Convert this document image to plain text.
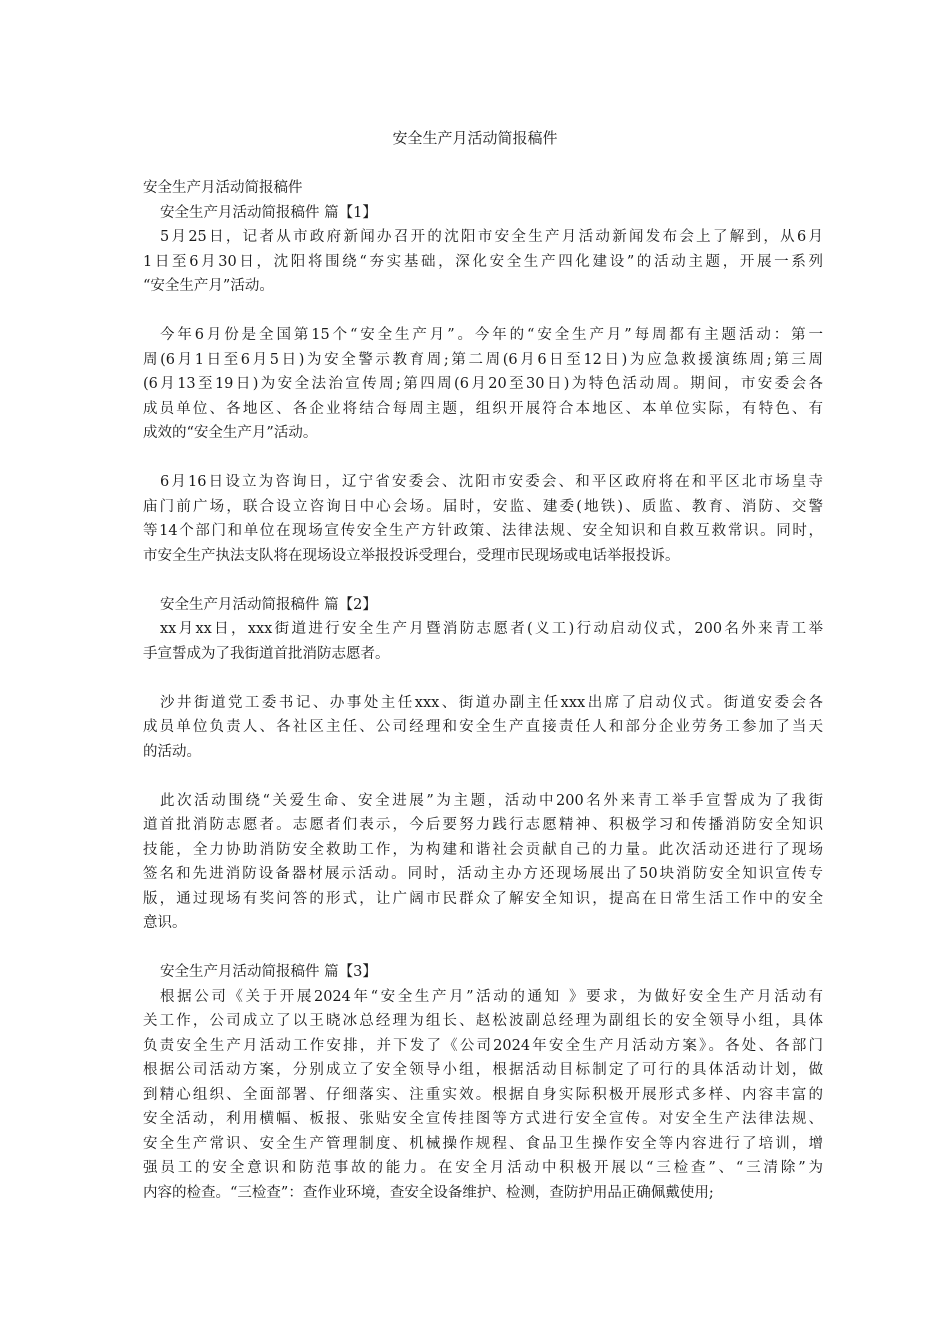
安全生产月活动简报稿件

安全生产月活动简报稿件

安全生产月活动简报稿件 篇【1】

5月25日，记者从市政府新闻办召开的沈阳市安全生产月活动新闻发布会上了解到，从6月

1日至6月30日，沈阳将围绕“夯实基础，深化安全生产四化建设”的活动主题，开展一系列

“安全生产月”活动。

今年6月份是全国第15个“安全生产月”。今年的“安全生产月”每周都有主题活动：第一

周(6月1日至6月5日)为安全警示教育周;第二周(6月6日至12日)为应急救援演练周;第三周

(6月13至19日)为安全法治宣传周;第四周(6月20至30日)为特色活动周。期间，市安委会各

成员单位、各地区、各企业将结合每周主题，组织开展符合本地区、本单位实际，有特色、有

成效的“安全生产月”活动。

6月16日设立为咨询日，辽宁省安委会、沈阳市安委会、和平区政府将在和平区北市场皇寺

庙门前广场，联合设立咨询日中心会场。届时，安监、建委(地铁)、质监、教育、消防、交警

等14个部门和单位在现场宣传安全生产方针政策、法律法规、安全知识和自救互救常识。同时，

市安全生产执法支队将在现场设立举报投诉受理台，受理市民现场或电话举报投诉。

安全生产月活动简报稿件 篇【2】

xx月xx日，xxx街道进行安全生产月暨消防志愿者(义工)行动启动仪式，200名外来青工举

手宣誓成为了我街道首批消防志愿者。

沙井街道党工委书记、办事处主任xxx、街道办副主任xxx出席了启动仪式。街道安委会各

成员单位负责人、各社区主任、公司经理和安全生产直接责任人和部分企业劳务工参加了当天

的活动。

此次活动围绕“关爱生命、安全进展”为主题，活动中200名外来青工举手宣誓成为了我街

道首批消防志愿者。志愿者们表示，今后要努力践行志愿精神、积极学习和传播消防安全知识

技能，全力协助消防安全救助工作，为构建和谐社会贡献自己的力量。此次活动还进行了现场

签名和先进消防设备器材展示活动。同时，活动主办方还现场展出了50块消防安全知识宣传专

版，通过现场有奖问答的形式，让广阔市民群众了解安全知识，提高在日常生活工作中的安全

意识。

安全生产月活动简报稿件 篇【3】

根据公司《关于开展2024年“安全生产月”活动的通知 》要求，为做好安全生产月活动有

关工作，公司成立了以王晓冰总经理为组长、赵松波副总经理为副组长的安全领导小组，具体

负责安全生产月活动工作安排，并下发了《公司2024年安全生产月活动方案》。各处、各部门

根据公司活动方案，分别成立了安全领导小组，根据活动目标制定了可行的具体活动计划，做

到精心组织、全面部署、仔细落实、注重实效。根据自身实际积极开展形式多样、内容丰富的

安全活动，利用横幅、板报、张贴安全宣传挂图等方式进行安全宣传。对安全生产法律法规、

安全生产常识、安全生产管理制度、机械操作规程、食品卫生操作安全等内容进行了培训，增

强员工的安全意识和防范事故的能力。在安全月活动中积极开展以“三检查”、“三清除”为

内容的检查。“三检查”：查作业环境，查安全设备维护、检测，查防护用品正确佩戴使用;
